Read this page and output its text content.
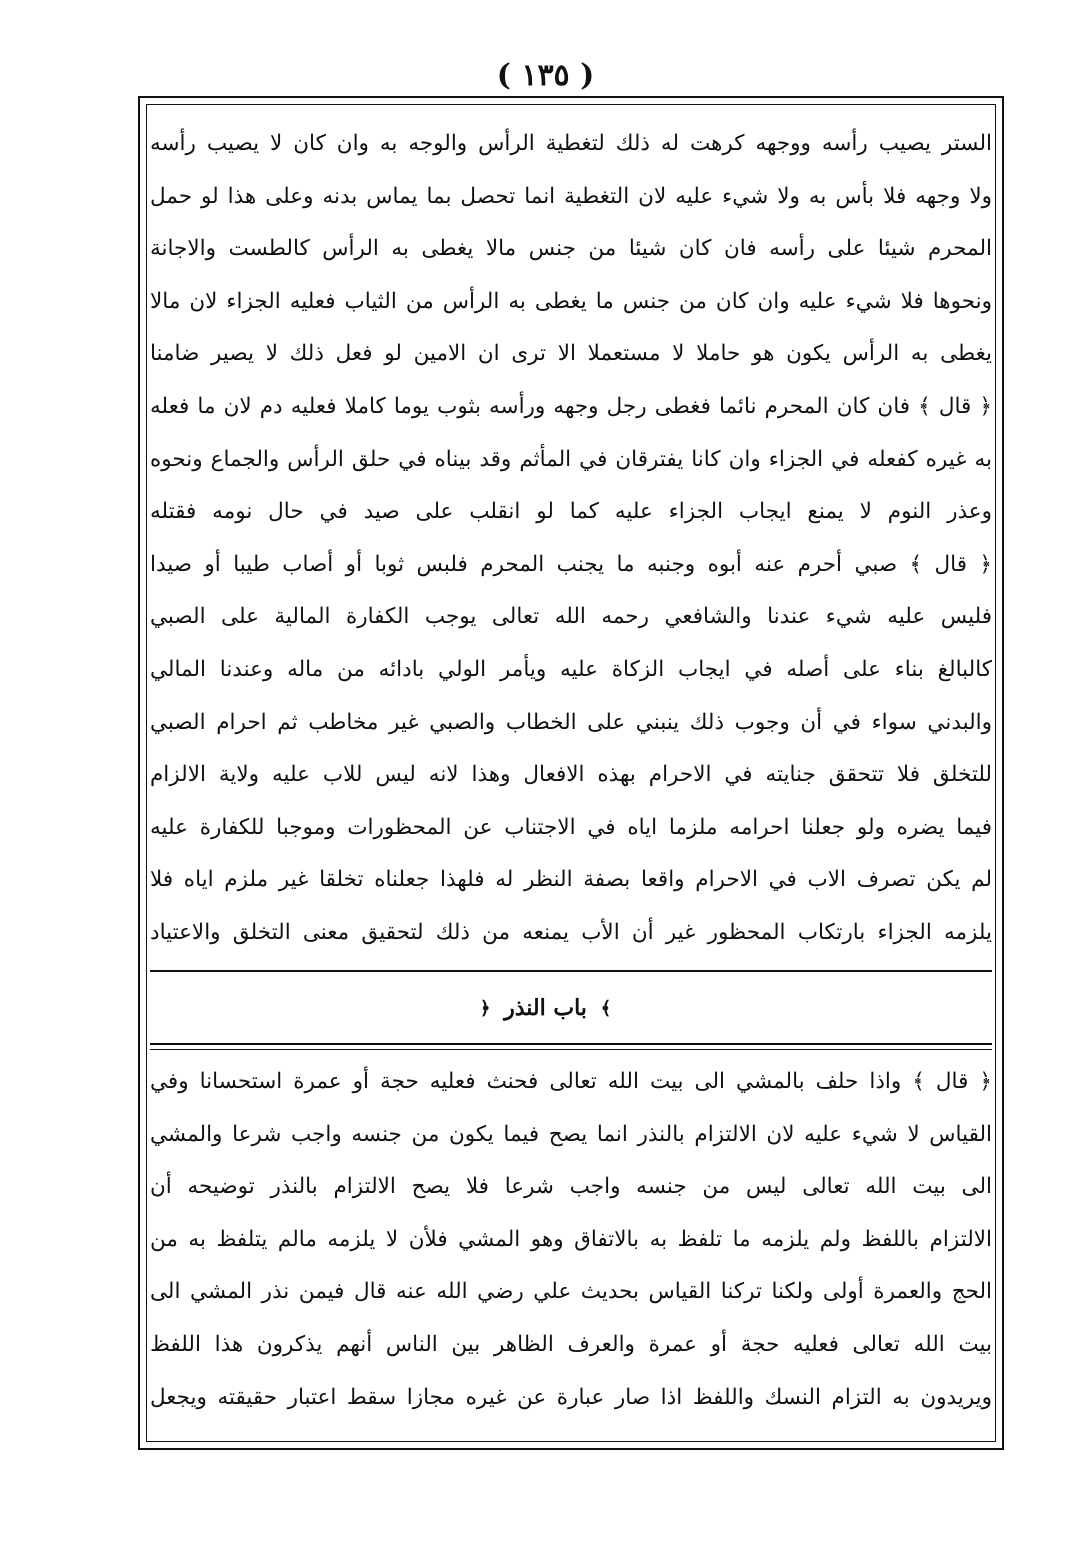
( ١٣٥ )
الستر يصيب رأسه ووجهه كرهت له ذلك لتغطية الرأس والوجه به وان كان لا يصيب رأسه
ولا وجهه فلا بأس به ولا شيء عليه لان التغطية انما تحصل بما يماس بدنه وعلى هذا لو حمل
المحرم شيئا على رأسه فان كان شيئا من جنس مالا يغطى به الرأس كالطست والاجانة
ونحوها فلا شيء عليه وان كان من جنس ما يغطى به الرأس من الثياب فعليه الجزاء لان مالا
يغطى به الرأس يكون هو حاملا لا مستعملا الا ترى ان الامين لو فعل ذلك لا يصير ضامنا
﴿ قال ﴾ فان كان المحرم نائما فغطى رجل وجهه ورأسه بثوب يوما كاملا فعليه دم لان ما فعله
به غيره كفعله في الجزاء وان كانا يفترقان في المأثم وقد بيناه في حلق الرأس والجماع ونحوه
وعذر النوم لا يمنع ايجاب الجزاء عليه كما لو انقلب على صيد في حال نومه فقتله
﴿ قال ﴾ صبي أحرم عنه أبوه وجنبه ما يجنب المحرم فلبس ثوبا أو أصاب طيبا أو صيدا
فليس عليه شيء عندنا والشافعي رحمه الله تعالى يوجب الكفارة المالية على الصبي
كالبالغ بناء على أصله في ايجاب الزكاة عليه ويأمر الولي بادائه من ماله وعندنا المالي
والبدني سواء في أن وجوب ذلك ينبني على الخطاب والصبي غير مخاطب ثم احرام الصبي
للتخلق فلا تتحقق جنايته في الاحرام بهذه الافعال وهذا لانه ليس للاب عليه ولاية الالزام
فيما يضره ولو جعلنا احرامه ملزما اياه في الاجتناب عن المحظورات وموجبا للكفارة عليه
لم يكن تصرف الاب في الاحرام واقعا بصفة النظر له فلهذا جعلناه تخلقا غير ملزم اياه فلا
يلزمه الجزاء بارتكاب المحظور غير أن الأب يمنعه من ذلك لتحقيق معنى التخلق والاعتياد
﴾ باب النذر ﴿
﴿ قال ﴾ واذا حلف بالمشي الى بيت الله تعالى فحنث فعليه حجة أو عمرة استحسانا وفي
القياس لا شيء عليه لان الالتزام بالنذر انما يصح فيما يكون من جنسه واجب شرعا والمشي
الى بيت الله تعالى ليس من جنسه واجب شرعا فلا يصح الالتزام بالنذر توضيحه أن
الالتزام باللفظ ولم يلزمه ما تلفظ به بالاتفاق وهو المشي فلأن لا يلزمه مالم يتلفظ به من
الحج والعمرة أولى ولكنا تركنا القياس بحديث علي رضي الله عنه قال فيمن نذر المشي الى
بيت الله تعالى فعليه حجة أو عمرة والعرف الظاهر بين الناس أنهم يذكرون هذا اللفظ
ويريدون به التزام النسك واللفظ اذا صار عبارة عن غيره مجازا سقط اعتبار حقيقته ويجعل
